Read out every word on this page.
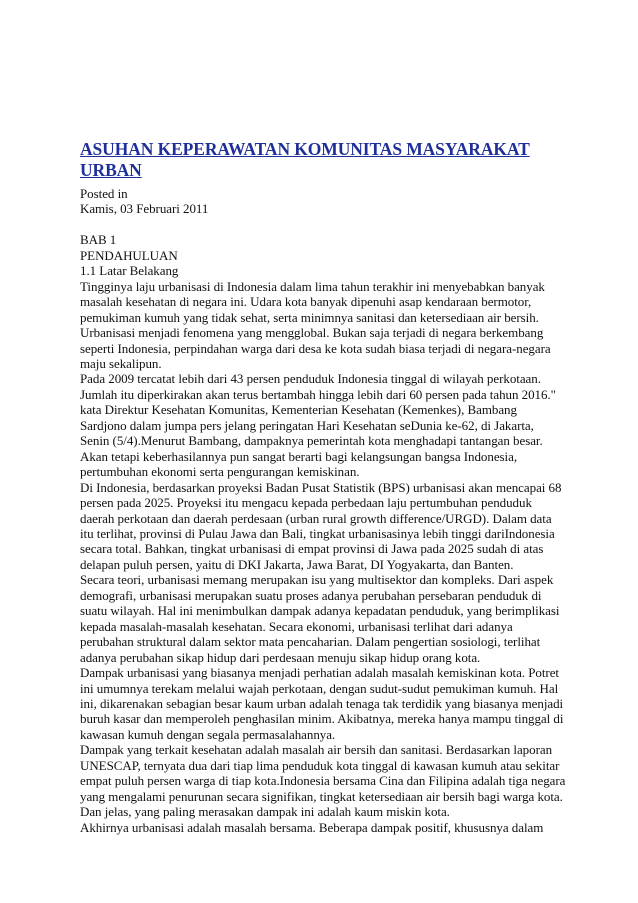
ASUHAN KEPERAWATAN KOMUNITAS MASYARAKAT URBAN
Posted in
Kamis, 03 Februari 2011
BAB 1
PENDAHULUAN
1.1 Latar Belakang

Tingginya laju urbanisasi di Indonesia dalam lima tahun terakhir ini menyebabkan banyak masalah kesehatan di negara ini. Udara kota banyak dipenuhi asap kendaraan bermotor, pemukiman kumuh yang tidak sehat, serta minimnya sanitasi dan ketersediaan air bersih. Urbanisasi menjadi fenomena yang mengglobal. Bukan saja terjadi di negara berkembang seperti Indonesia, perpindahan warga dari desa ke kota sudah biasa terjadi di negara-negara maju sekalipun.

Pada 2009 tercatat lebih dari 43 persen penduduk Indonesia tinggal di wilayah perkotaan. Jumlah itu diperkirakan akan terus bertambah hingga lebih dari 60 persen pada tahun 2016." kata Direktur Kesehatan Komunitas, Kementerian Kesehatan (Kemenkes), Bambang Sardjono dalam jumpa pers jelang peringatan Hari Kesehatan seDunia ke-62, di Jakarta, Senin (5/4).Menurut Bambang, dampaknya pemerintah kota menghadapi tantangan besar. Akan tetapi keberhasilannya pun sangat berarti bagi kelangsungan bangsa Indonesia, pertumbuhan ekonomi serta pengurangan kemiskinan.

Di Indonesia, berdasarkan proyeksi Badan Pusat Statistik (BPS) urbanisasi akan mencapai 68 persen pada 2025. Proyeksi itu mengacu kepada perbedaan laju pertumbuhan penduduk daerah perkotaan dan daerah perdesaan (urban rural growth difference/URGD). Dalam data itu terlihat, provinsi di Pulau Jawa dan Bali, tingkat urbanisasinya lebih tinggi dariIndonesia secara total. Bahkan, tingkat urbanisasi di empat provinsi di Jawa pada 2025 sudah di atas delapan puluh persen, yaitu di DKI Jakarta, Jawa Barat, DI Yogyakarta, dan Banten.

Secara teori, urbanisasi memang merupakan isu yang multisektor dan kompleks. Dari aspek demografi, urbanisasi merupakan suatu proses adanya perubahan persebaran penduduk di suatu wilayah. Hal ini menimbulkan dampak adanya kepadatan penduduk, yang berimplikasi kepada masalah-masalah kesehatan. Secara ekonomi, urbanisasi terlihat dari adanya perubahan struktural dalam sektor mata pencaharian. Dalam pengertian sosiologi, terlihat adanya perubahan sikap hidup dari perdesaan menuju sikap hidup orang kota.

Dampak urbanisasi yang biasanya menjadi perhatian adalah masalah kemiskinan kota. Potret ini umumnya terekam melalui wajah perkotaan, dengan sudut-sudut pemukiman kumuh. Hal ini, dikarenakan sebagian besar kaum urban adalah tenaga tak terdidik yang biasanya menjadi buruh kasar dan memperoleh penghasilan minim. Akibatnya, mereka hanya mampu tinggal di kawasan kumuh dengan segala permasalahannya.

Dampak yang terkait kesehatan adalah masalah air bersih dan sanitasi. Berdasarkan laporan UNESCAP, ternyata dua dari tiap lima penduduk kota tinggal di kawasan kumuh atau sekitar empat puluh persen warga di tiap kota.Indonesia bersama Cina dan Filipina adalah tiga negara yang mengalami penurunan secara signifikan, tingkat ketersediaan air bersih bagi warga kota. Dan jelas, yang paling merasakan dampak ini adalah kaum miskin kota.

Akhirnya urbanisasi adalah masalah bersama. Beberapa dampak positif, khususnya dalam
